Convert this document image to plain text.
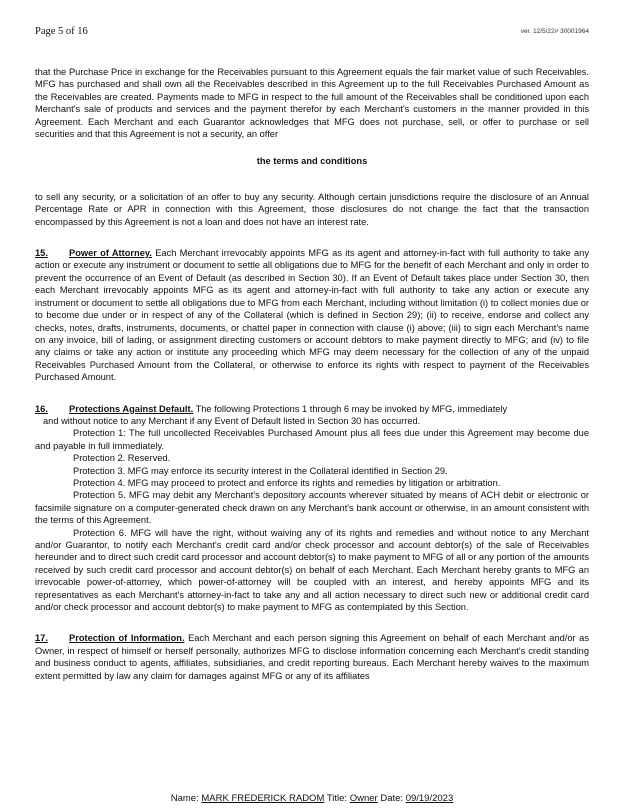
Page 5 of 16	ver. 12/5/22# 30001964

that the Purchase Price in exchange for the Receivables pursuant to this Agreement equals the fair market value of such Receivables. MFG has purchased and shall own all the Receivables described in this Agreement up to the full Receivables Purchased Amount as the Receivables are created. Payments made to MFG in respect to the full amount of the Receivables shall be conditioned upon each Merchant's sale of products and services and the payment therefor by each Merchant's customers in the manner provided in this Agreement. Each Merchant and each Guarantor acknowledges that MFG does not purchase, sell, or offer to purchase or sell securities and that this Agreement is not a security, an offer

the terms and conditions

to sell any security, or a solicitation of an offer to buy any security. Although certain jurisdictions require the disclosure of an Annual Percentage Rate or APR in connection with this Agreement, those disclosures do not change the fact that the transaction encompassed by this Agreement is not a loan and does not have an interest rate.

15. Power of Attorney. Each Merchant irrevocably appoints MFG as its agent and attorney-in-fact with full authority to take any action or execute any instrument or document to settle all obligations due to MFG for the benefit of each Merchant and only in order to prevent the occurrence of an Event of Default (as described in Section 30). If an Event of Default takes place under Section 30, then each Merchant irrevocably appoints MFG as its agent and attorney-in-fact with full authority to take any action or execute any instrument or document to settle all obligations due to MFG from each Merchant, including without limitation (i) to collect monies due or to become due under or in respect of any of the Collateral (which is defined in Section 29); (ii) to receive, endorse and collect any checks, notes, drafts, instruments, documents, or chattel paper in connection with clause (i) above; (iii) to sign each Merchant's name on any invoice, bill of lading, or assignment directing customers or account debtors to make payment directly to MFG; and (iv) to file any claims or take any action or institute any proceeding which MFG may deem necessary for the collection of any of the unpaid Receivables Purchased Amount from the Collateral, or otherwise to enforce its rights with respect to payment of the Receivables Purchased Amount.

16. Protections Against Default. The following Protections 1 through 6 may be invoked by MFG, immediately

and without notice to any Merchant if any Event of Default listed in Section 30 has occurred.

Protection 1: The full uncollected Receivables Purchased Amount plus all fees due under this Agreement may become due and payable in full immediately.

Protection 2. Reserved.

Protection 3. MFG may enforce its security interest in the Collateral identified in Section 29.

Protection 4. MFG may proceed to protect and enforce its rights and remedies by litigation or arbitration.

Protection 5. MFG may debit any Merchant's depository accounts wherever situated by means of ACH debit or electronic or facsimile signature on a computer-generated check drawn on any Merchant's bank account or otherwise, in an amount consistent with the terms of this Agreement.

Protection 6. MFG will have the right, without waiving any of its rights and remedies and without notice to any Merchant and/or Guarantor, to notify each Merchant's credit card and/or check processor and account debtor(s) of the sale of Receivables hereunder and to direct such credit card processor and account debtor(s) to make payment to MFG of all or any portion of the amounts received by such credit card processor and account debtor(s) on behalf of each Merchant. Each Merchant hereby grants to MFG an irrevocable power-of-attorney, which power-of-attorney will be coupled with an interest, and hereby appoints MFG and its representatives as each Merchant's attorney-in-fact to take any and all action necessary to direct such new or additional credit card and/or check processor and account debtor(s) to make payment to MFG as contemplated by this Section.

17. Protection of Information. Each Merchant and each person signing this Agreement on behalf of each Merchant and/or as Owner, in respect of himself or herself personally, authorizes MFG to disclose information concerning each Merchant's credit standing and business conduct to agents, affiliates, subsidiaries, and credit reporting bureaus. Each Merchant hereby waives to the maximum extent permitted by law any claim for damages against MFG or any of its affiliates

Name: MARK FREDERICK RADOM Title: Owner Date: 09/19/2023
